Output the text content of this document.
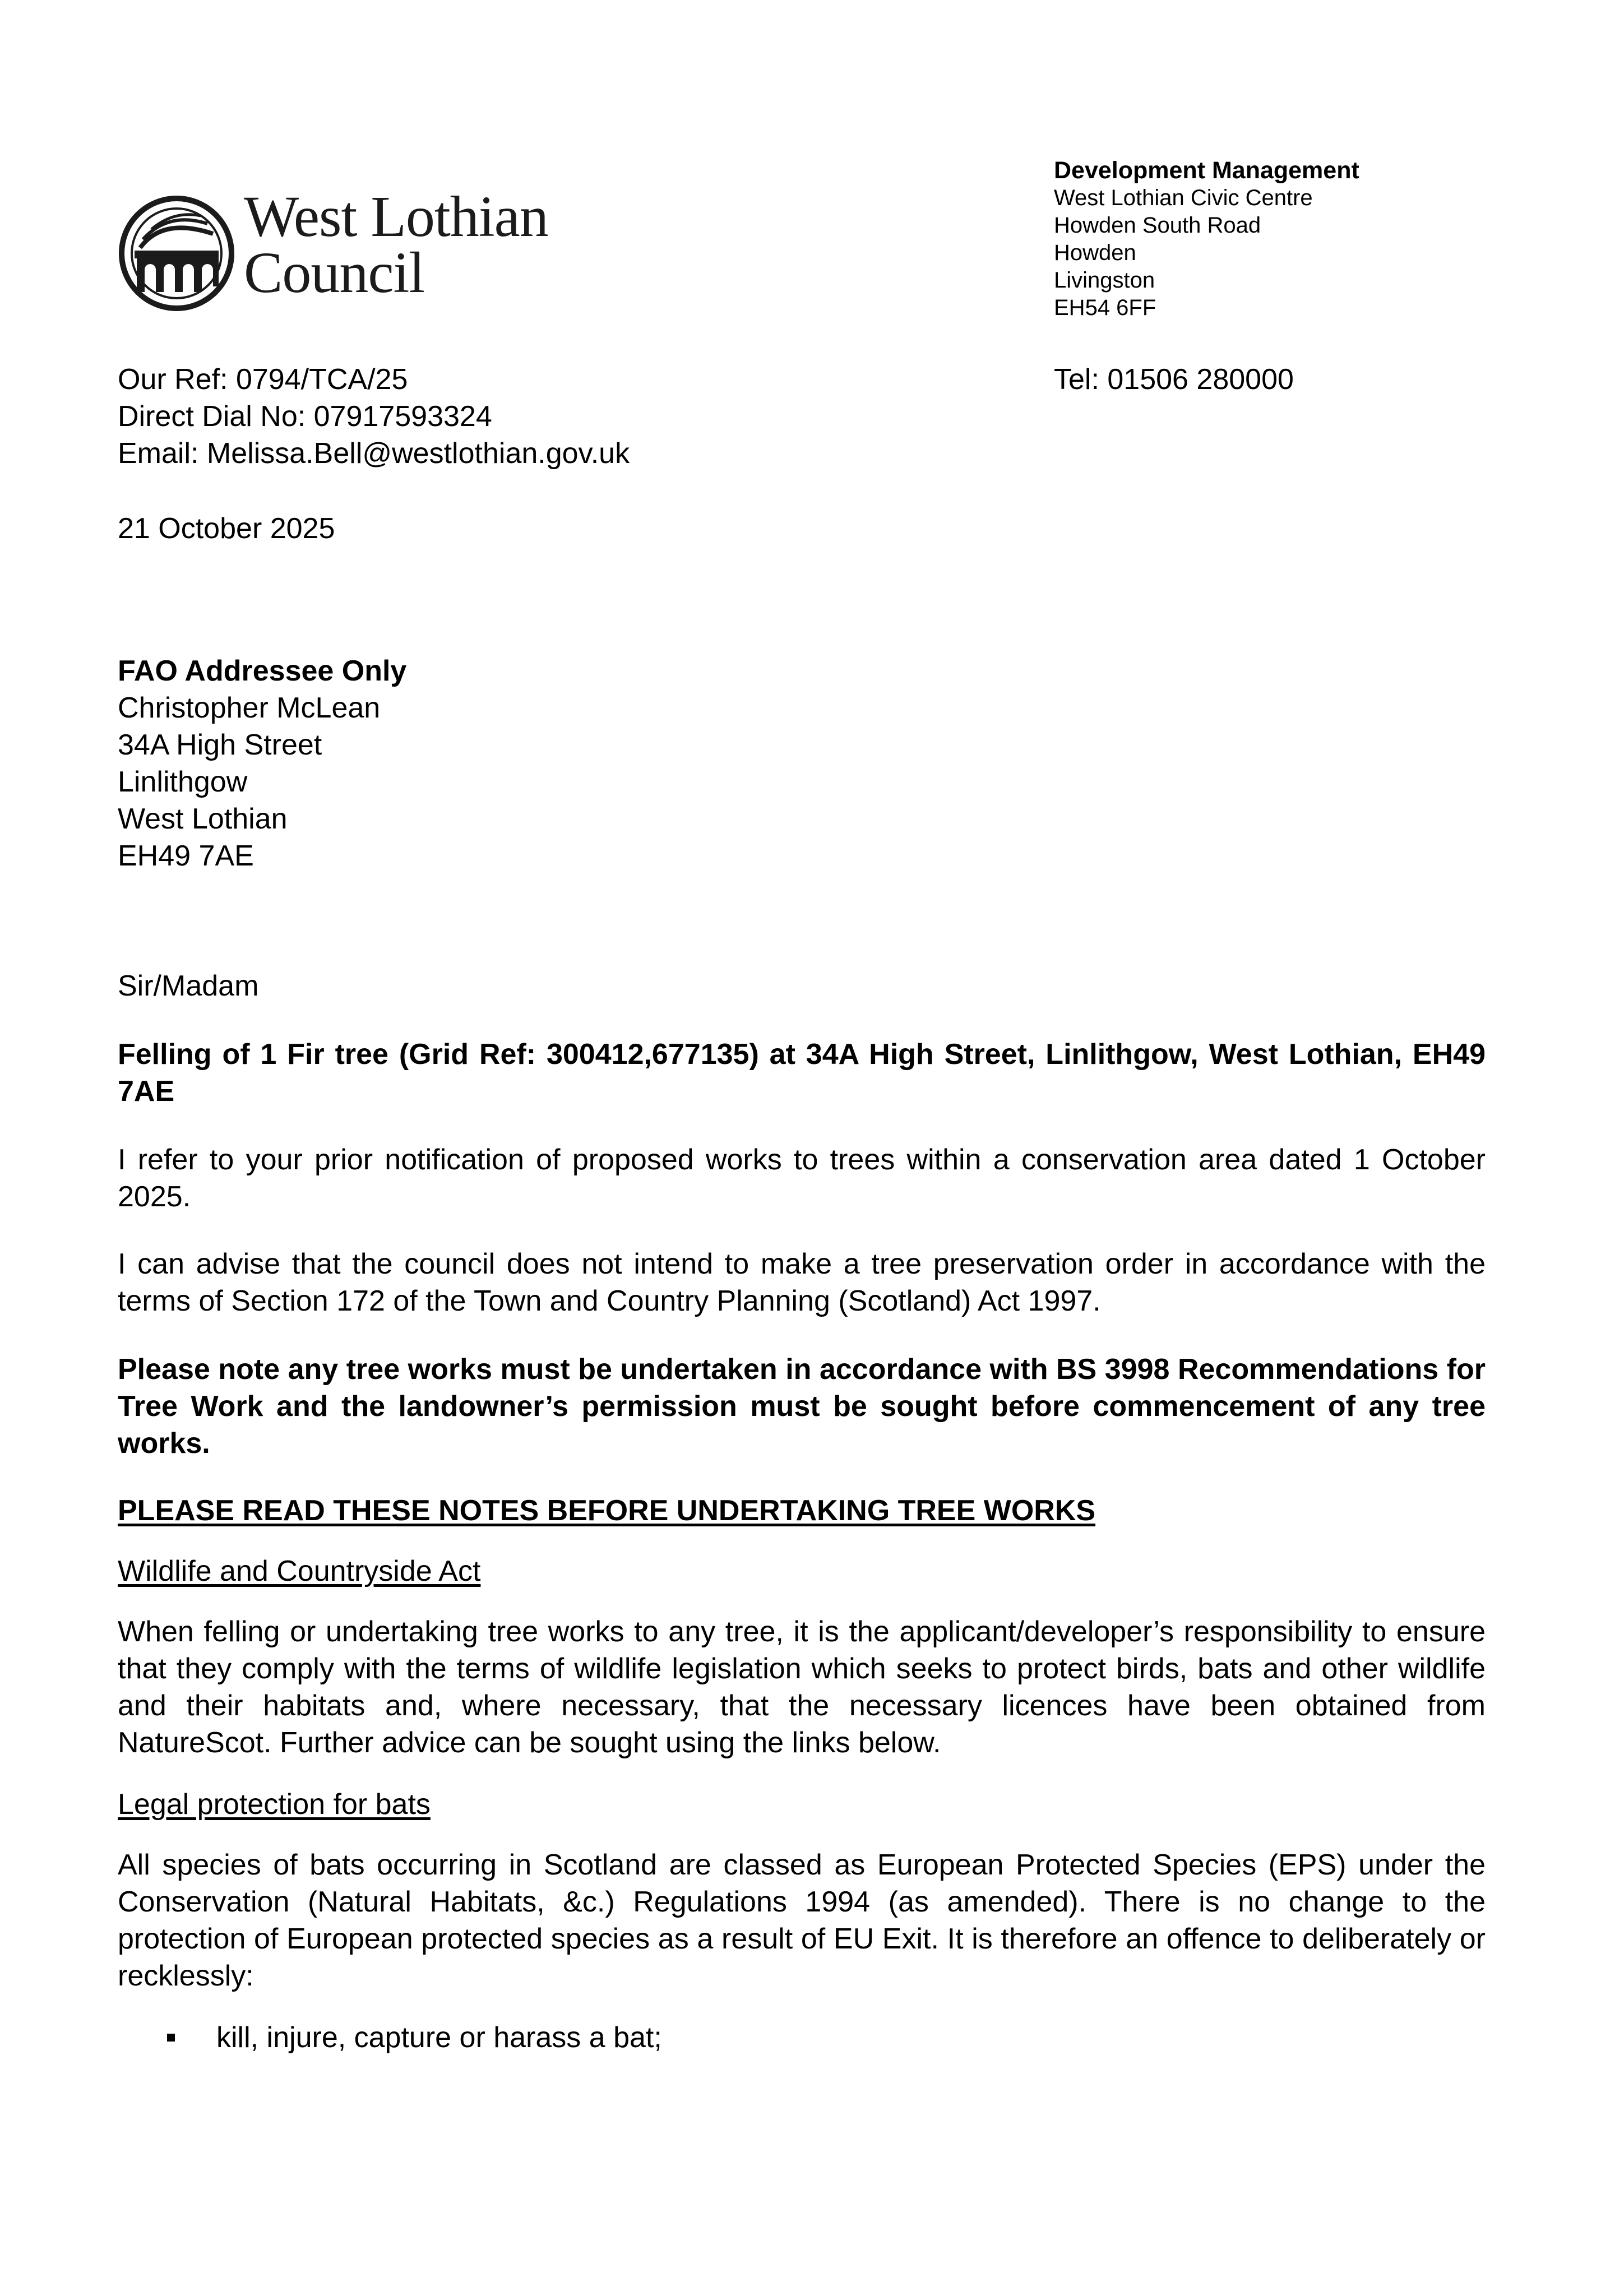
West Lothian
Council
Development Management
West Lothian Civic Centre
Howden South Road
Howden
Livingston
EH54 6FF
Tel: 01506 280000
Our Ref: 0794/TCA/25
Direct Dial No: 07917593324
Email: Melissa.Bell@westlothian.gov.uk
21 October 2025
FAO Addressee Only
Christopher McLean
34A High Street
Linlithgow
West Lothian
EH49 7AE
Sir/Madam

Felling of 1 Fir tree (Grid Ref: 300412,677135) at 34A High Street, Linlithgow, West Lothian, EH49 7AE

I refer to your prior notification of proposed works to trees within a conservation area dated 1 October 2025.

I can advise that the council does not intend to make a tree preservation order in accordance with the terms of Section 172 of the Town and Country Planning (Scotland) Act 1997.

Please note any tree works must be undertaken in accordance with BS 3998 Recommendations for Tree Work and the landowner’s permission must be sought before commencement of any tree works.

PLEASE READ THESE NOTES BEFORE UNDERTAKING TREE WORKS

Wildlife and Countryside Act

When felling or undertaking tree works to any tree, it is the applicant/developer’s responsibility to ensure that they comply with the terms of wildlife legislation which seeks to protect birds, bats and other wildlife and their habitats and, where necessary, that the necessary licences have been obtained from NatureScot. Further advice can be sought using the links below.

Legal protection for bats

All species of bats occurring in Scotland are classed as European Protected Species (EPS) under the Conservation (Natural Habitats, &c.) Regulations 1994 (as amended). There is no change to the protection of European protected species as a result of EU Exit. It is therefore an offence to deliberately or recklessly:

kill, injure, capture or harass a bat;
